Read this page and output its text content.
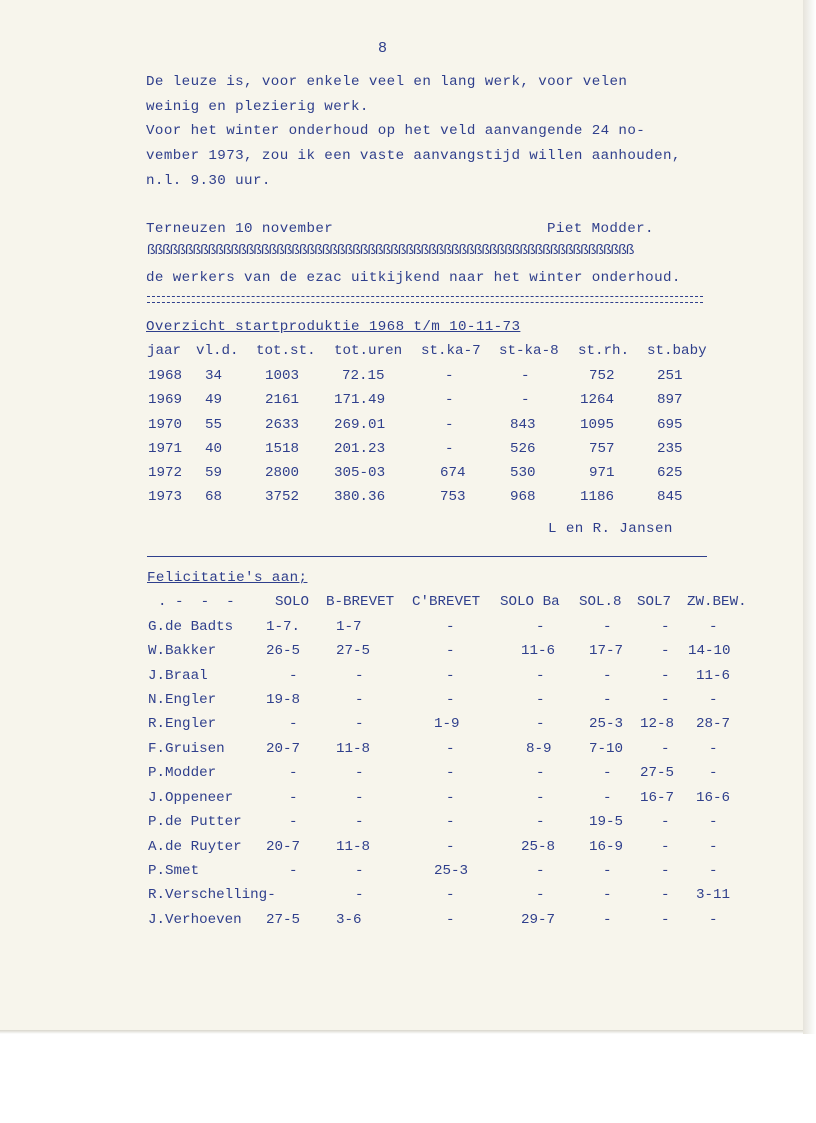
8
De leuze is, voor enkele veel en lang werk, voor velen
weinig en plezierig werk.
Voor het winter onderhoud op het veld aanvangende 24 no-
vember 1973, zou ik een vaste aanvangstijd willen aanhouden,
n.l. 9.30 uur.
Terneuzen 10 november	Piet Modder.
ßßßßßßßßßßßßßßßßßßßßßßßßßßßßßßßßßßßßßßßßßßßßßßßßßßßßßßßßßßßßßßßß
de werkers van de ezac uitkijkend naar het winter onderhoud.
Overzicht startproduktie 1968 t/m 10-11-73
jaar vl.d. tot.st. tot.uren st.ka-7 st-ka-8 st.rh. st.baby
1968 34	1003	72.15	-	-	752	251
1969 49	2161 171.49	-	-	1264	897
1970 55	2633 269.01	-	843	1095	695
1971 40	1518 201.23	-	526	757	235
1972 59	2800 305-03	674	530	971	625
1973 68	3752 380.36	753	968	1186	845
L en R. Jansen
Felicitatie's aan;
. -  -  -	SOLO B-BREVET C'BREVET SOLO Ba SOL.8 SOL7 ZW.BEW.
G.de Badts 1-7.	1-7	-	-	-	-	-
W.Bakker	26-5	27-5	-	11-6 17-7	- 14-10
J.Braal	-	-	-	-	-	- 11-6
N.Engler	19-8	-	-	-	-	-	-
R.Engler	-	-	1-9	-	25-3 12-8 28-7
F.Gruisen	20-7	11-8	-	8-9	7-10	-	-
P.Modder	-	-	-	-	- 27-5 -
J.Oppeneer	-	-	-	-	- 16-7 16-6
P.de Putter	-	-	-	-	19-5	-	-
A.de Ruyter 20-7	11-8	-	25-8 16-9	-	-
P.Smet	-	-	25-3	-	-	-	-
R.Verschelling-	-	-	-	-	- 3-11
J.Verhoeven 27-5	3-6	-	29-7	-	-	-
